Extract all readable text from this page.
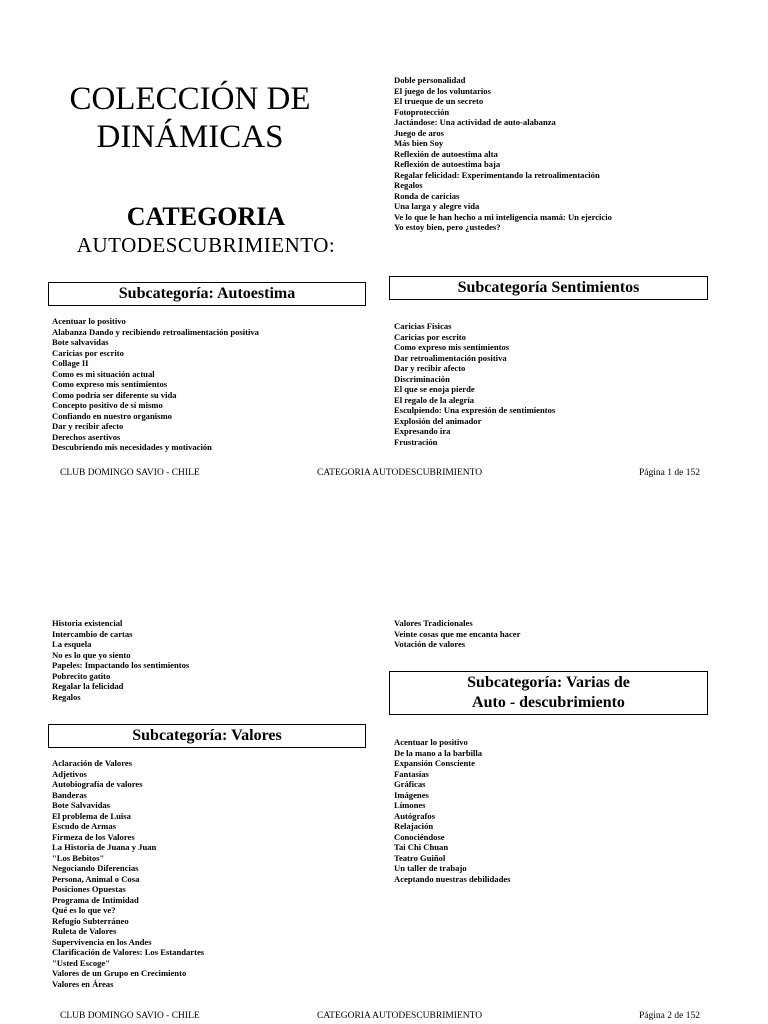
COLECCIÓN DE
DINÁMICAS
CATEGORIA
AUTODESCUBRIMIENTO:
Doble personalidad
El juego de los voluntarios
El trueque de un secreto
Fotoprotección
Jactándose: Una actividad de auto-alabanza
Juego de aros
Más bien Soy
Reflexión de autoestima alta
Reflexión de autoestima baja
Regalar felicidad: Experimentando la retroalimentación
Regalos
Ronda de caricias
Una larga y alegre vida
Ve lo que le han hecho a mi inteligencia mamá: Un ejercicio
Yo estoy bien, pero ¿ustedes?
Subcategoría: Autoestima
Acentuar lo positivo
Alabanza Dando y recibiendo retroalimentación positiva
Bote salvavidas
Caricias por escrito
Collage II
Como es mi situación actual
Como expreso mis sentimientos
Como podría ser diferente su vida
Concepto positivo de sí mismo
Confiando en nuestro organismo
Dar y recibir afecto
Derechos asertivos
Descubriendo mis necesidades y motivación
Subcategoría Sentimientos
Caricias Físicas
Caricias por escrito
Como expreso mis sentimientos
Dar retroalimentación positiva
Dar y recibir afecto
Discriminación
El que se enoja pierde
El regalo de la alegría
Esculpiendo: Una expresión de sentimientos
Explosión del animador
Expresando ira
Frustración
CLUB DOMINGO SAVIO - CHILE	CATEGORIA AUTODESCUBRIMIENTO	Página 1 de 152
Historia existencial
Intercambio de cartas
La esquela
No es lo que yo siento
Papeles: Impactando los sentimientos
Pobrecito gatito
Regalar la felicidad
Regalos
Valores Tradicionales
Veinte cosas que me encanta hacer
Votación de valores
Subcategoría: Varias de
Auto - descubrimiento
Acentuar lo positivo
De la mano a la barbilla
Expansión Consciente
Fantasías
Gráficas
Imágenes
Límones
Autógrafos
Relajación
Conociéndose
Tai Chi Chuan
Teatro Guiñol
Un taller de trabajo
Aceptando nuestras debilidades
Subcategoría: Valores
Aclaración de Valores
Adjetivos
Autobiografía de valores
Banderas
Bote Salvavidas
El problema de Luisa
Escudo de Armas
Firmeza de los Valores
La Historia de Juana y Juan
"Los Bebitos"
Negociando Diferencias
Persona, Animal o Cosa
Posiciones Opuestas
Programa de Intimidad
Qué es lo que ve?
Refugio Subterráneo
Ruleta de Valores
Supervivencia en los Andes
Clarificación de Valores: Los Estandartes
"Usted Escoge"
Valores de un Grupo en Crecimiento
Valores en Áreas
CLUB DOMINGO SAVIO - CHILE	CATEGORIA AUTODESCUBRIMIENTO	Página 2 de 152
